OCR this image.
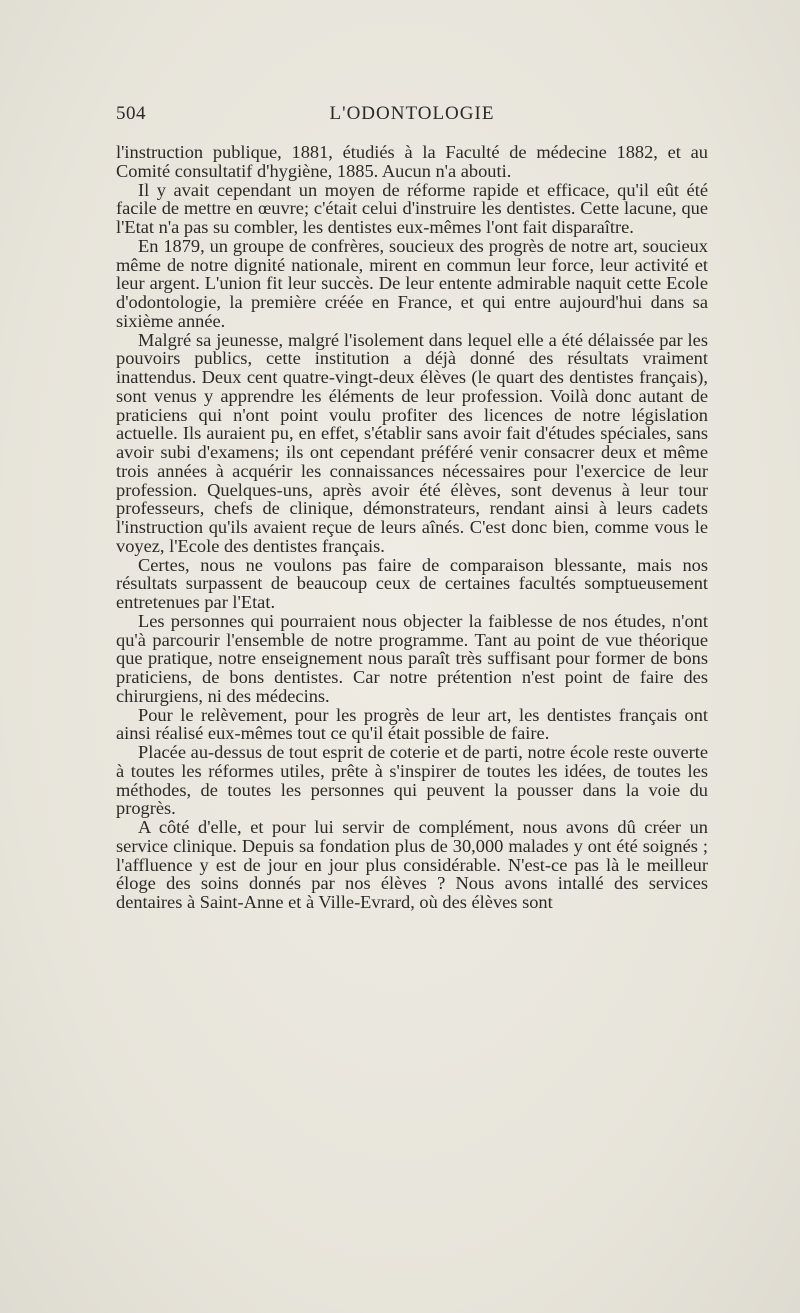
504	L'ODONTOLOGIE

l'instruction publique, 1881, étudiés à la Faculté de médecine 1882, et au Comité consultatif d'hygiène, 1885. Aucun n'a abouti.

Il y avait cependant un moyen de réforme rapide et efficace, qu'il eût été facile de mettre en œuvre; c'était celui d'instruire les dentistes. Cette lacune, que l'Etat n'a pas su combler, les dentistes eux-mêmes l'ont fait disparaître.

En 1879, un groupe de confrères, soucieux des progrès de notre art, soucieux même de notre dignité nationale, mirent en commun leur force, leur activité et leur argent. L'union fit leur succès. De leur entente admirable naquit cette Ecole d'odontologie, la première créée en France, et qui entre aujourd'hui dans sa sixième année.

Malgré sa jeunesse, malgré l'isolement dans lequel elle a été délaissée par les pouvoirs publics, cette institution a déjà donné des résultats vraiment inattendus. Deux cent quatre-vingt-deux élèves (le quart des dentistes français), sont venus y apprendre les éléments de leur profession. Voilà donc autant de praticiens qui n'ont point voulu profiter des licences de notre législation actuelle. Ils auraient pu, en effet, s'établir sans avoir fait d'études spéciales, sans avoir subi d'examens; ils ont cependant préféré venir consacrer deux et même trois années à acquérir les connaissances nécessaires pour l'exercice de leur profession. Quelques-uns, après avoir été élèves, sont devenus à leur tour professeurs, chefs de clinique, démonstrateurs, rendant ainsi à leurs cadets l'instruction qu'ils avaient reçue de leurs aînés. C'est donc bien, comme vous le voyez, l'Ecole des dentistes français.

Certes, nous ne voulons pas faire de comparaison blessante, mais nos résultats surpassent de beaucoup ceux de certaines facultés somptueusement entretenues par l'Etat.

Les personnes qui pourraient nous objecter la faiblesse de nos études, n'ont qu'à parcourir l'ensemble de notre programme. Tant au point de vue théorique que pratique, notre enseignement nous paraît très suffisant pour former de bons praticiens, de bons dentistes. Car notre prétention n'est point de faire des chirurgiens, ni des médecins.

Pour le relèvement, pour les progrès de leur art, les dentistes français ont ainsi réalisé eux-mêmes tout ce qu'il était possible de faire.

Placée au-dessus de tout esprit de coterie et de parti, notre école reste ouverte à toutes les réformes utiles, prête à s'inspirer de toutes les idées, de toutes les méthodes, de toutes les personnes qui peuvent la pousser dans la voie du progrès.

A côté d'elle, et pour lui servir de complément, nous avons dû créer un service clinique. Depuis sa fondation plus de 30,000 malades y ont été soignés ; l'affluence y est de jour en jour plus considérable. N'est-ce pas là le meilleur éloge des soins donnés par nos élèves ? Nous avons intallé des services dentaires à Saint-Anne et à Ville-Evrard, où des élèves sont
